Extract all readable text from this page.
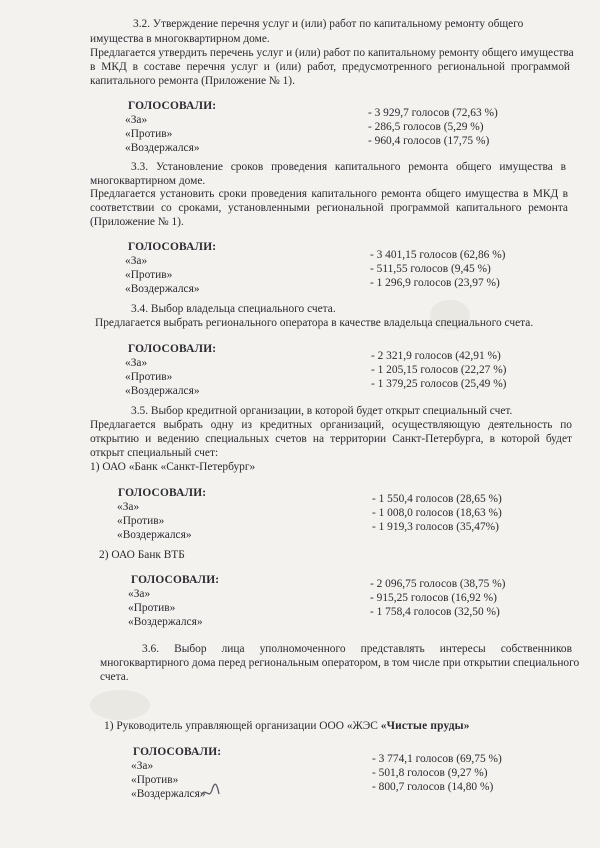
3.2. Утверждение перечня услуг и (или) работ по капитальному ремонту общего
имущества в многоквартирном доме.
Предлагается утвердить перечень услуг и (или) работ по капитальному ремонту общего имущества
в МКД в составе перечня услуг и (или) работ, предусмотренного региональной программой
капитального ремонта (Приложение № 1).
ГОЛОСОВАЛИ:
«За»
«Против»
«Воздержался»
- 3 929,7 голосов (72,63 %)
- 286,5 голосов (5,29 %)
- 960,4 голосов (17,75 %)
3.3. Установление сроков проведения капитального ремонта общего имущества в
многоквартирном доме.
Предлагается установить сроки проведения капитального ремонта общего имущества в МКД в
соответствии со сроками, установленными региональной программой капитального ремонта
(Приложение № 1).
ГОЛОСОВАЛИ:
«За»
«Против»
«Воздержался»
- 3 401,15 голосов (62,86 %)
- 511,55 голосов (9,45 %)
- 1 296,9 голосов (23,97 %)
3.4. Выбор владельца специального счета.
Предлагается выбрать регионального оператора в качестве владельца специального счета.
ГОЛОСОВАЛИ:
«За»
«Против»
«Воздержался»
- 2 321,9 голосов (42,91 %)
- 1 205,15 голосов (22,27 %)
- 1 379,25 голосов (25,49 %)
3.5. Выбор кредитной организации, в которой будет открыт специальный счет.
Предлагается выбрать одну из кредитных организаций, осуществляющую деятельность по
открытию и ведению специальных счетов на территории Санкт-Петербурга, в которой будет
открыт специальный счет:
1) ОАО «Банк «Санкт-Петербург»
ГОЛОСОВАЛИ:
«За»
«Против»
«Воздержался»
- 1 550,4 голосов (28,65 %)
- 1 008,0 голосов (18,63 %)
- 1 919,3 голосов (35,47%)
2) ОАО Банк ВТБ
ГОЛОСОВАЛИ:
«За»
«Против»
«Воздержался»
- 2 096,75 голосов (38,75 %)
- 915,25 голосов (16,92 %)
- 1 758,4 голосов (32,50 %)
3.6. Выбор лица уполномоченного представлять интересы собственников
многоквартирного дома перед региональным оператором, в том числе при открытии специального
счета.
1) Руководитель управляющей организации ООО «ЖЭС «Чистые пруды»
ГОЛОСОВАЛИ:
«За»
«Против»
«Воздержался»
- 3 774,1 голосов (69,75 %)
- 501,8 голосов (9,27 %)
- 800,7 голосов (14,80 %)
